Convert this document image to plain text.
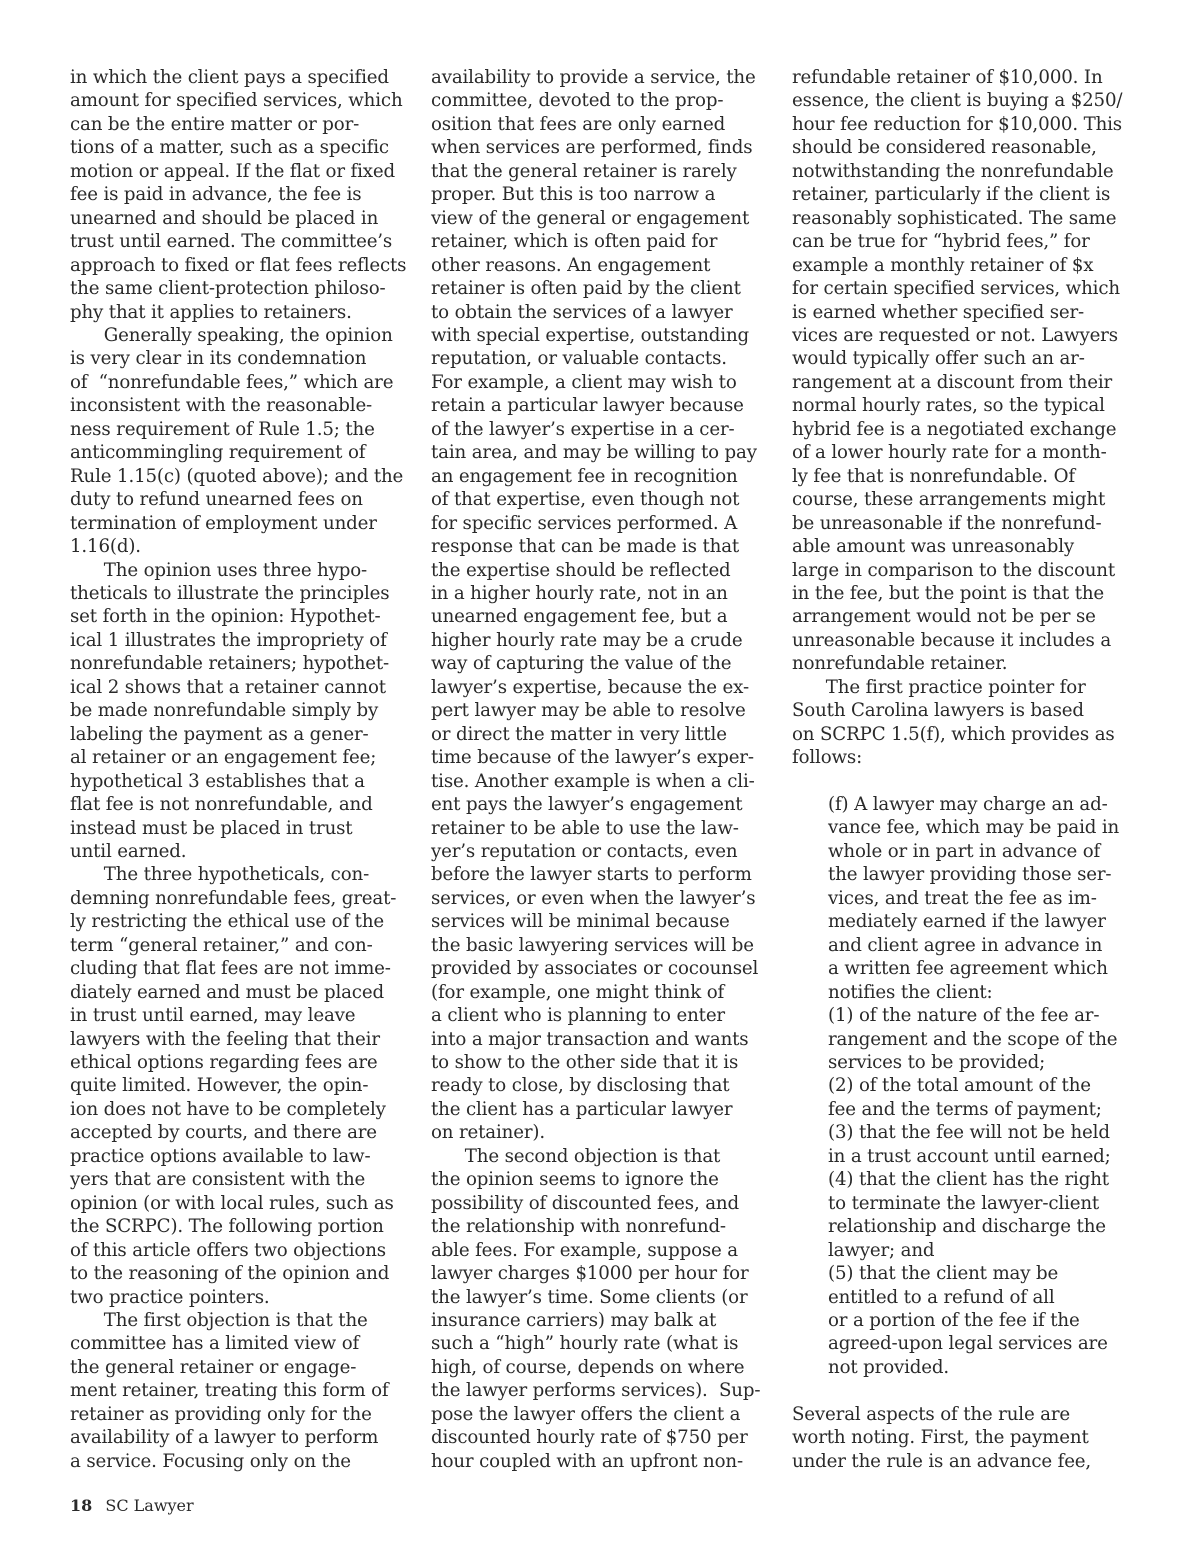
in which the client pays a specified
amount for specified services, which
can be the entire matter or por-
tions of a matter, such as a specific
motion or appeal. If the flat or fixed
fee is paid in advance, the fee is
unearned and should be placed in
trust until earned. The committee’s
approach to fixed or flat fees reflects
the same client-protection philoso-
phy that it applies to retainers.
Generally speaking, the opinion
is very clear in its condemnation
of  “nonrefundable fees,” which are
inconsistent with the reasonable-
ness requirement of Rule 1.5; the
anticommingling requirement of
Rule 1.15(c) (quoted above); and the
duty to refund unearned fees on
termination of employment under
1.16(d).
The opinion uses three hypo-
theticals to illustrate the principles
set forth in the opinion: Hypothet-
ical 1 illustrates the impropriety of
nonrefundable retainers; hypothet-
ical 2 shows that a retainer cannot
be made nonrefundable simply by
labeling the payment as a gener-
al retainer or an engagement fee;
hypothetical 3 establishes that a
flat fee is not nonrefundable, and
instead must be placed in trust
until earned.
The three hypotheticals, con-
demning nonrefundable fees, great-
ly restricting the ethical use of the
term “general retainer,” and con-
cluding that flat fees are not imme-
diately earned and must be placed
in trust until earned, may leave
lawyers with the feeling that their
ethical options regarding fees are
quite limited. However, the opin-
ion does not have to be completely
accepted by courts, and there are
practice options available to law-
yers that are consistent with the
opinion (or with local rules, such as
the SCRPC). The following portion
of this article offers two objections
to the reasoning of the opinion and
two practice pointers.
The first objection is that the
committee has a limited view of
the general retainer or engage-
ment retainer, treating this form of
retainer as providing only for the
availability of a lawyer to perform
a service. Focusing only on the
availability to provide a service, the
committee, devoted to the prop-
osition that fees are only earned
when services are performed, finds
that the general retainer is rarely
proper. But this is too narrow a
view of the general or engagement
retainer, which is often paid for
other reasons. An engagement
retainer is often paid by the client
to obtain the services of a lawyer
with special expertise, outstanding
reputation, or valuable contacts.
For example, a client may wish to
retain a particular lawyer because
of the lawyer’s expertise in a cer-
tain area, and may be willing to pay
an engagement fee in recognition
of that expertise, even though not
for specific services performed. A
response that can be made is that
the expertise should be reflected
in a higher hourly rate, not in an
unearned engagement fee, but a
higher hourly rate may be a crude
way of capturing the value of the
lawyer’s expertise, because the ex-
pert lawyer may be able to resolve
or direct the matter in very little
time because of the lawyer’s exper-
tise. Another example is when a cli-
ent pays the lawyer’s engagement
retainer to be able to use the law-
yer’s reputation or contacts, even
before the lawyer starts to perform
services, or even when the lawyer’s
services will be minimal because
the basic lawyering services will be
provided by associates or cocounsel
(for example, one might think of
a client who is planning to enter
into a major transaction and wants
to show to the other side that it is
ready to close, by disclosing that
the client has a particular lawyer
on retainer).
The second objection is that
the opinion seems to ignore the
possibility of discounted fees, and
the relationship with nonrefund-
able fees. For example, suppose a
lawyer charges $1000 per hour for
the lawyer’s time. Some clients (or
insurance carriers) may balk at
such a “high” hourly rate (what is
high, of course, depends on where
the lawyer performs services).  Sup-
pose the lawyer offers the client a
discounted hourly rate of $750 per
hour coupled with an upfront non-
refundable retainer of $10,000. In
essence, the client is buying a $250/
hour fee reduction for $10,000. This
should be considered reasonable,
notwithstanding the nonrefundable
retainer, particularly if the client is
reasonably sophisticated. The same
can be true for “hybrid fees,” for
example a monthly retainer of $x
for certain specified services, which
is earned whether specified ser-
vices are requested or not. Lawyers
would typically offer such an ar-
rangement at a discount from their
normal hourly rates, so the typical
hybrid fee is a negotiated exchange
of a lower hourly rate for a month-
ly fee that is nonrefundable. Of
course, these arrangements might
be unreasonable if the nonrefund-
able amount was unreasonably
large in comparison to the discount
in the fee, but the point is that the
arrangement would not be per se
unreasonable because it includes a
nonrefundable retainer.
The first practice pointer for
South Carolina lawyers is based
on SCRPC 1.5(f), which provides as
follows:
(f) A lawyer may charge an ad-
vance fee, which may be paid in
whole or in part in advance of
the lawyer providing those ser-
vices, and treat the fee as im-
mediately earned if the lawyer
and client agree in advance in
a written fee agreement which
notifies the client:
(1) of the nature of the fee ar-
rangement and the scope of the
services to be provided;
(2) of the total amount of the
fee and the terms of payment;
(3) that the fee will not be held
in a trust account until earned;
(4) that the client has the right
to terminate the lawyer-client
relationship and discharge the
lawyer; and
(5) that the client may be
entitled to a refund of all
or a portion of the fee if the
agreed-upon legal services are
not provided.
Several aspects of the rule are
worth noting. First, the payment
under the rule is an advance fee,
18 SC Lawyer
